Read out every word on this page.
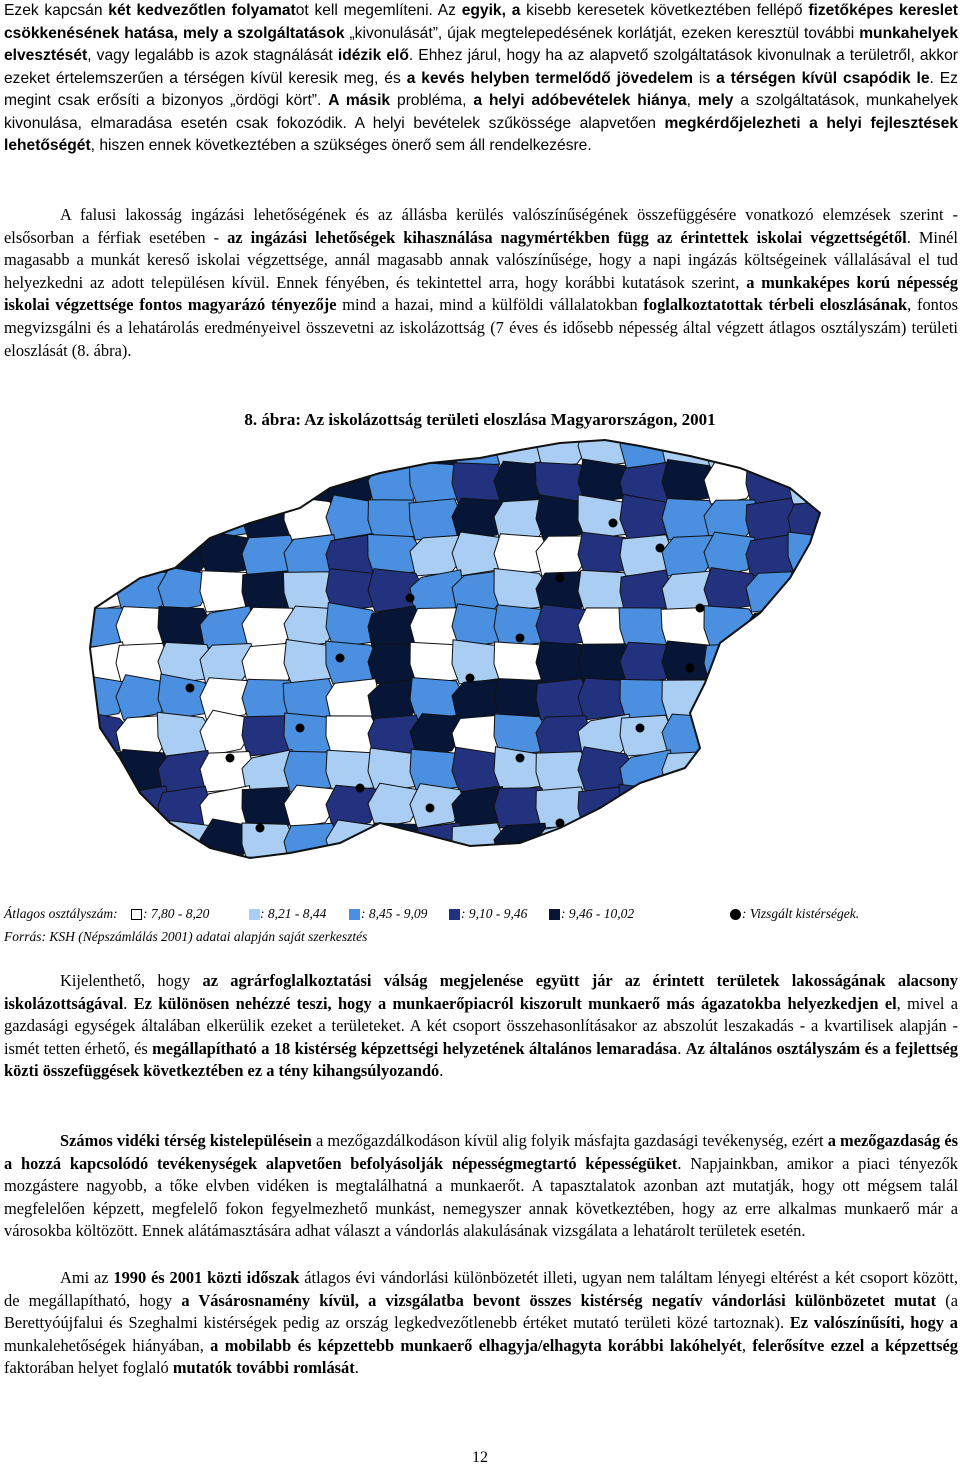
Ezek kapcsán két kedvezőtlen folyamatot kell megemlíteni. Az egyik, a kisebb keresetek következtében fellépő fizetőképes kereslet csökkenésének hatása, mely a szolgáltatások „kivonulását”, újak megtelepedésének korlátját, ezeken keresztül további munkahelyek elvesztését, vagy legalább is azok stagnálását idézik elő. Ehhez járul, hogy ha az alapvető szolgáltatások kivonulnak a területről, akkor ezeket értelemszerűen a térségen kívül keresik meg, és a kevés helyben termelődő jövedelem is a térségen kívül csapódik le. Ez megint csak erősíti a bizonyos „ördögi kört”. A másik probléma, a helyi adóbevételek hiánya, mely a szolgáltatások, munkahelyek kivonulása, elmaradása esetén csak fokozódik. A helyi bevételek szűkössége alapvetően megkérdőjelezheti a helyi fejlesztések lehetőségét, hiszen ennek következtében a szükséges önerő sem áll rendelkezésre.
A falusi lakosság ingázási lehetőségének és az állásba kerülés valószínűségének összefüggésére vonatkozó elemzések szerint - elsősorban a férfiak esetében - az ingázási lehetőségek kihasználása nagymértékben függ az érintettek iskolai végzettségétől. Minél magasabb a munkát kereső iskolai végzettsége, annál magasabb annak valószínűsége, hogy a napi ingázás költségeinek vállalásával el tud helyezkedni az adott településen kívül. Ennek fényében, és tekintettel arra, hogy korábbi kutatások szerint, a munkaképes korú népesség iskolai végzettsége fontos magyarázó tényezője mind a hazai, mind a külföldi vállalatokban foglalkoztatottak térbeli eloszlásának, fontos megvizsgálni és a lehatárolás eredményeivel összevetni az iskolázottság (7 éves és idősebb népesség által végzett átlagos osztályszám) területi eloszlását (8. ábra).
8. ábra: Az iskolázottság területi eloszlása Magyarországon, 2001
Átlagos osztályszám: : 7,80 - 8,20	: 8,21 - 8,44	: 8,45 - 9,09 : 9,10 - 9,46 : 9,46 - 10,02	: Vizsgált kistérségek.
Forrás: KSH (Népszámlálás 2001) adatai alapján saját szerkesztés
Kijelenthető, hogy az agrárfoglalkoztatási válság megjelenése együtt jár az érintett területek lakosságának alacsony iskolázottságával. Ez különösen nehézzé teszi, hogy a munkaerőpiacról kiszorult munkaerő más ágazatokba helyezkedjen el, mivel a gazdasági egységek általában elkerülik ezeket a területeket. A két csoport összehasonlításakor az abszolút leszakadás - a kvartilisek alapján - ismét tetten érhető, és megállapítható a 18 kistérség képzettségi helyzetének általános lemaradása. Az általános osztályszám és a fejlettség közti összefüggések következtében ez a tény kihangsúlyozandó.
Számos vidéki térség kistelepülésein a mezőgazdálkodáson kívül alig folyik másfajta gazdasági tevékenység, ezért a mezőgazdaság és a hozzá kapcsolódó tevékenységek alapvetően befolyásolják népességmegtartó képességüket. Napjainkban, amikor a piaci tényezők mozgástere nagyobb, a tőke elvben vidéken is megtalálhatná a munkaerőt. A tapasztalatok azonban azt mutatják, hogy ott mégsem talál megfelelően képzett, megfelelő fokon fegyelmezhető munkást, nemegyszer annak következtében, hogy az erre alkalmas munkaerő már a városokba költözött. Ennek alátámasztására adhat választ a vándorlás alakulásának vizsgálata a lehatárolt területek esetén.
Ami az 1990 és 2001 közti időszak átlagos évi vándorlási különbözetét illeti, ugyan nem találtam lényegi eltérést a két csoport között, de megállapítható, hogy a Vásárosnamény kívül, a vizsgálatba bevont összes kistérség negatív vándorlási különbözetet mutat (a Berettyóújfalui és Szeghalmi kistérségek pedig az ország legkedvezőtlenebb értéket mutató területi közé tartoznak). Ez valószínűsíti, hogy a munkalehetőségek hiányában, a mobilabb és képzettebb munkaerő elhagyja/elhagyta korábbi lakóhelyét, felerősítve ezzel a képzettség faktorában helyet foglaló mutatók további romlását.
12
